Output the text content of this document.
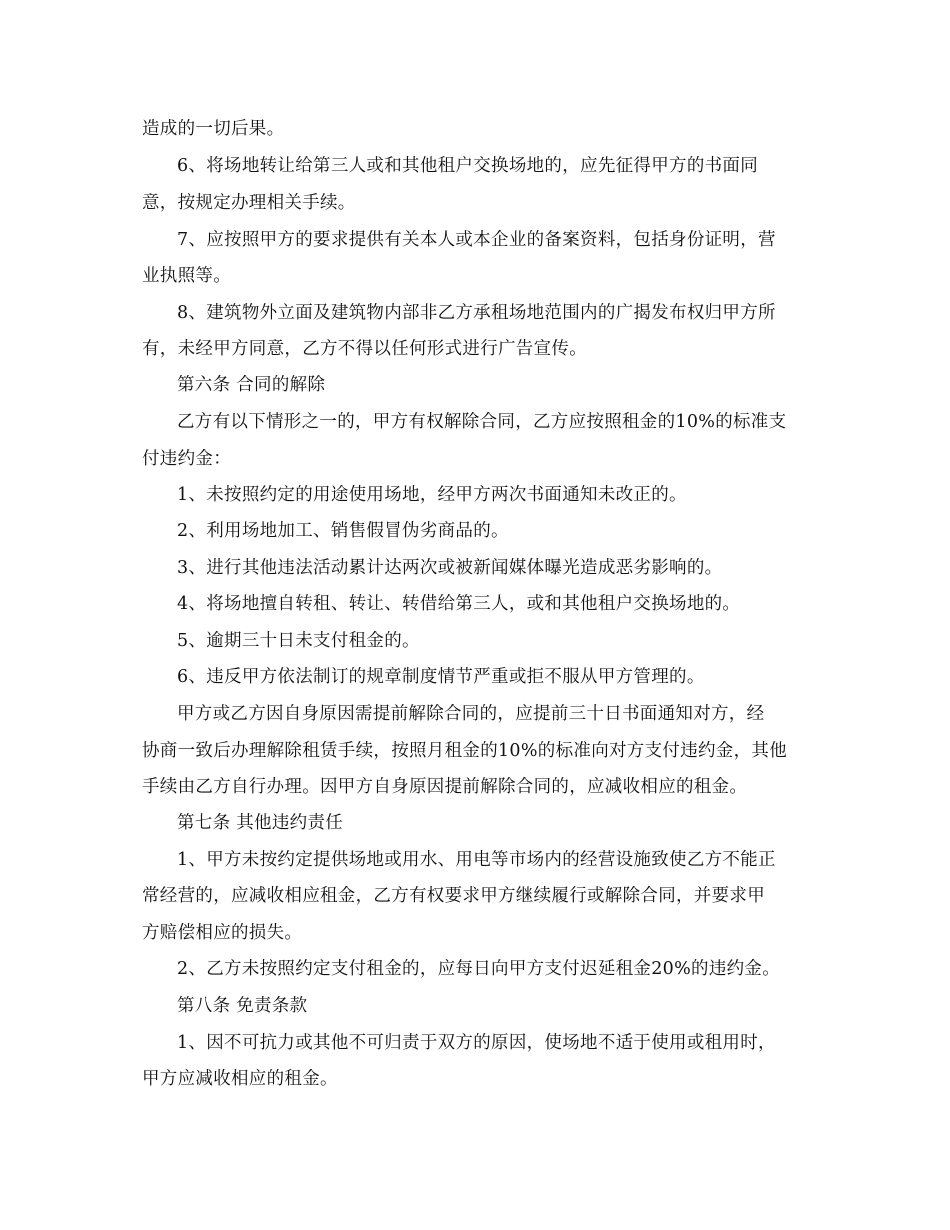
造成的一切后果。
6、将场地转让给第三人或和其他租户交换场地的，应先征得甲方的书面同
意，按规定办理相关手续。
7、应按照甲方的要求提供有关本人或本企业的备案资料，包括身份证明，营
业执照等。
8、建筑物外立面及建筑物内部非乙方承租场地范围内的广揭发布权归甲方所
有，未经甲方同意，乙方不得以任何形式进行广告宣传。
第六条 合同的解除
乙方有以下情形之一的，甲方有权解除合同，乙方应按照租金的10%的标准支
付违约金：
1、未按照约定的用途使用场地，经甲方两次书面通知未改正的。
2、利用场地加工、销售假冒伪劣商品的。
3、进行其他违法活动累计达两次或被新闻媒体曝光造成恶劣影响的。
4、将场地擅自转租、转让、转借给第三人，或和其他租户交换场地的。
5、逾期三十日未支付租金的。
6、违反甲方依法制订的规章制度情节严重或拒不服从甲方管理的。
甲方或乙方因自身原因需提前解除合同的，应提前三十日书面通知对方，经
协商一致后办理解除租赁手续，按照月租金的10%的标准向对方支付违约金，其他
手续由乙方自行办理。因甲方自身原因提前解除合同的，应减收相应的租金。
第七条 其他违约责任
1、甲方未按约定提供场地或用水、用电等市场内的经营设施致使乙方不能正
常经营的，应减收相应租金，乙方有权要求甲方继续履行或解除合同，并要求甲
方赔偿相应的损失。
2、乙方未按照约定支付租金的，应每日向甲方支付迟延租金20%的违约金。
第八条 免责条款
1、因不可抗力或其他不可归责于双方的原因，使场地不适于使用或租用时，
甲方应减收相应的租金。
